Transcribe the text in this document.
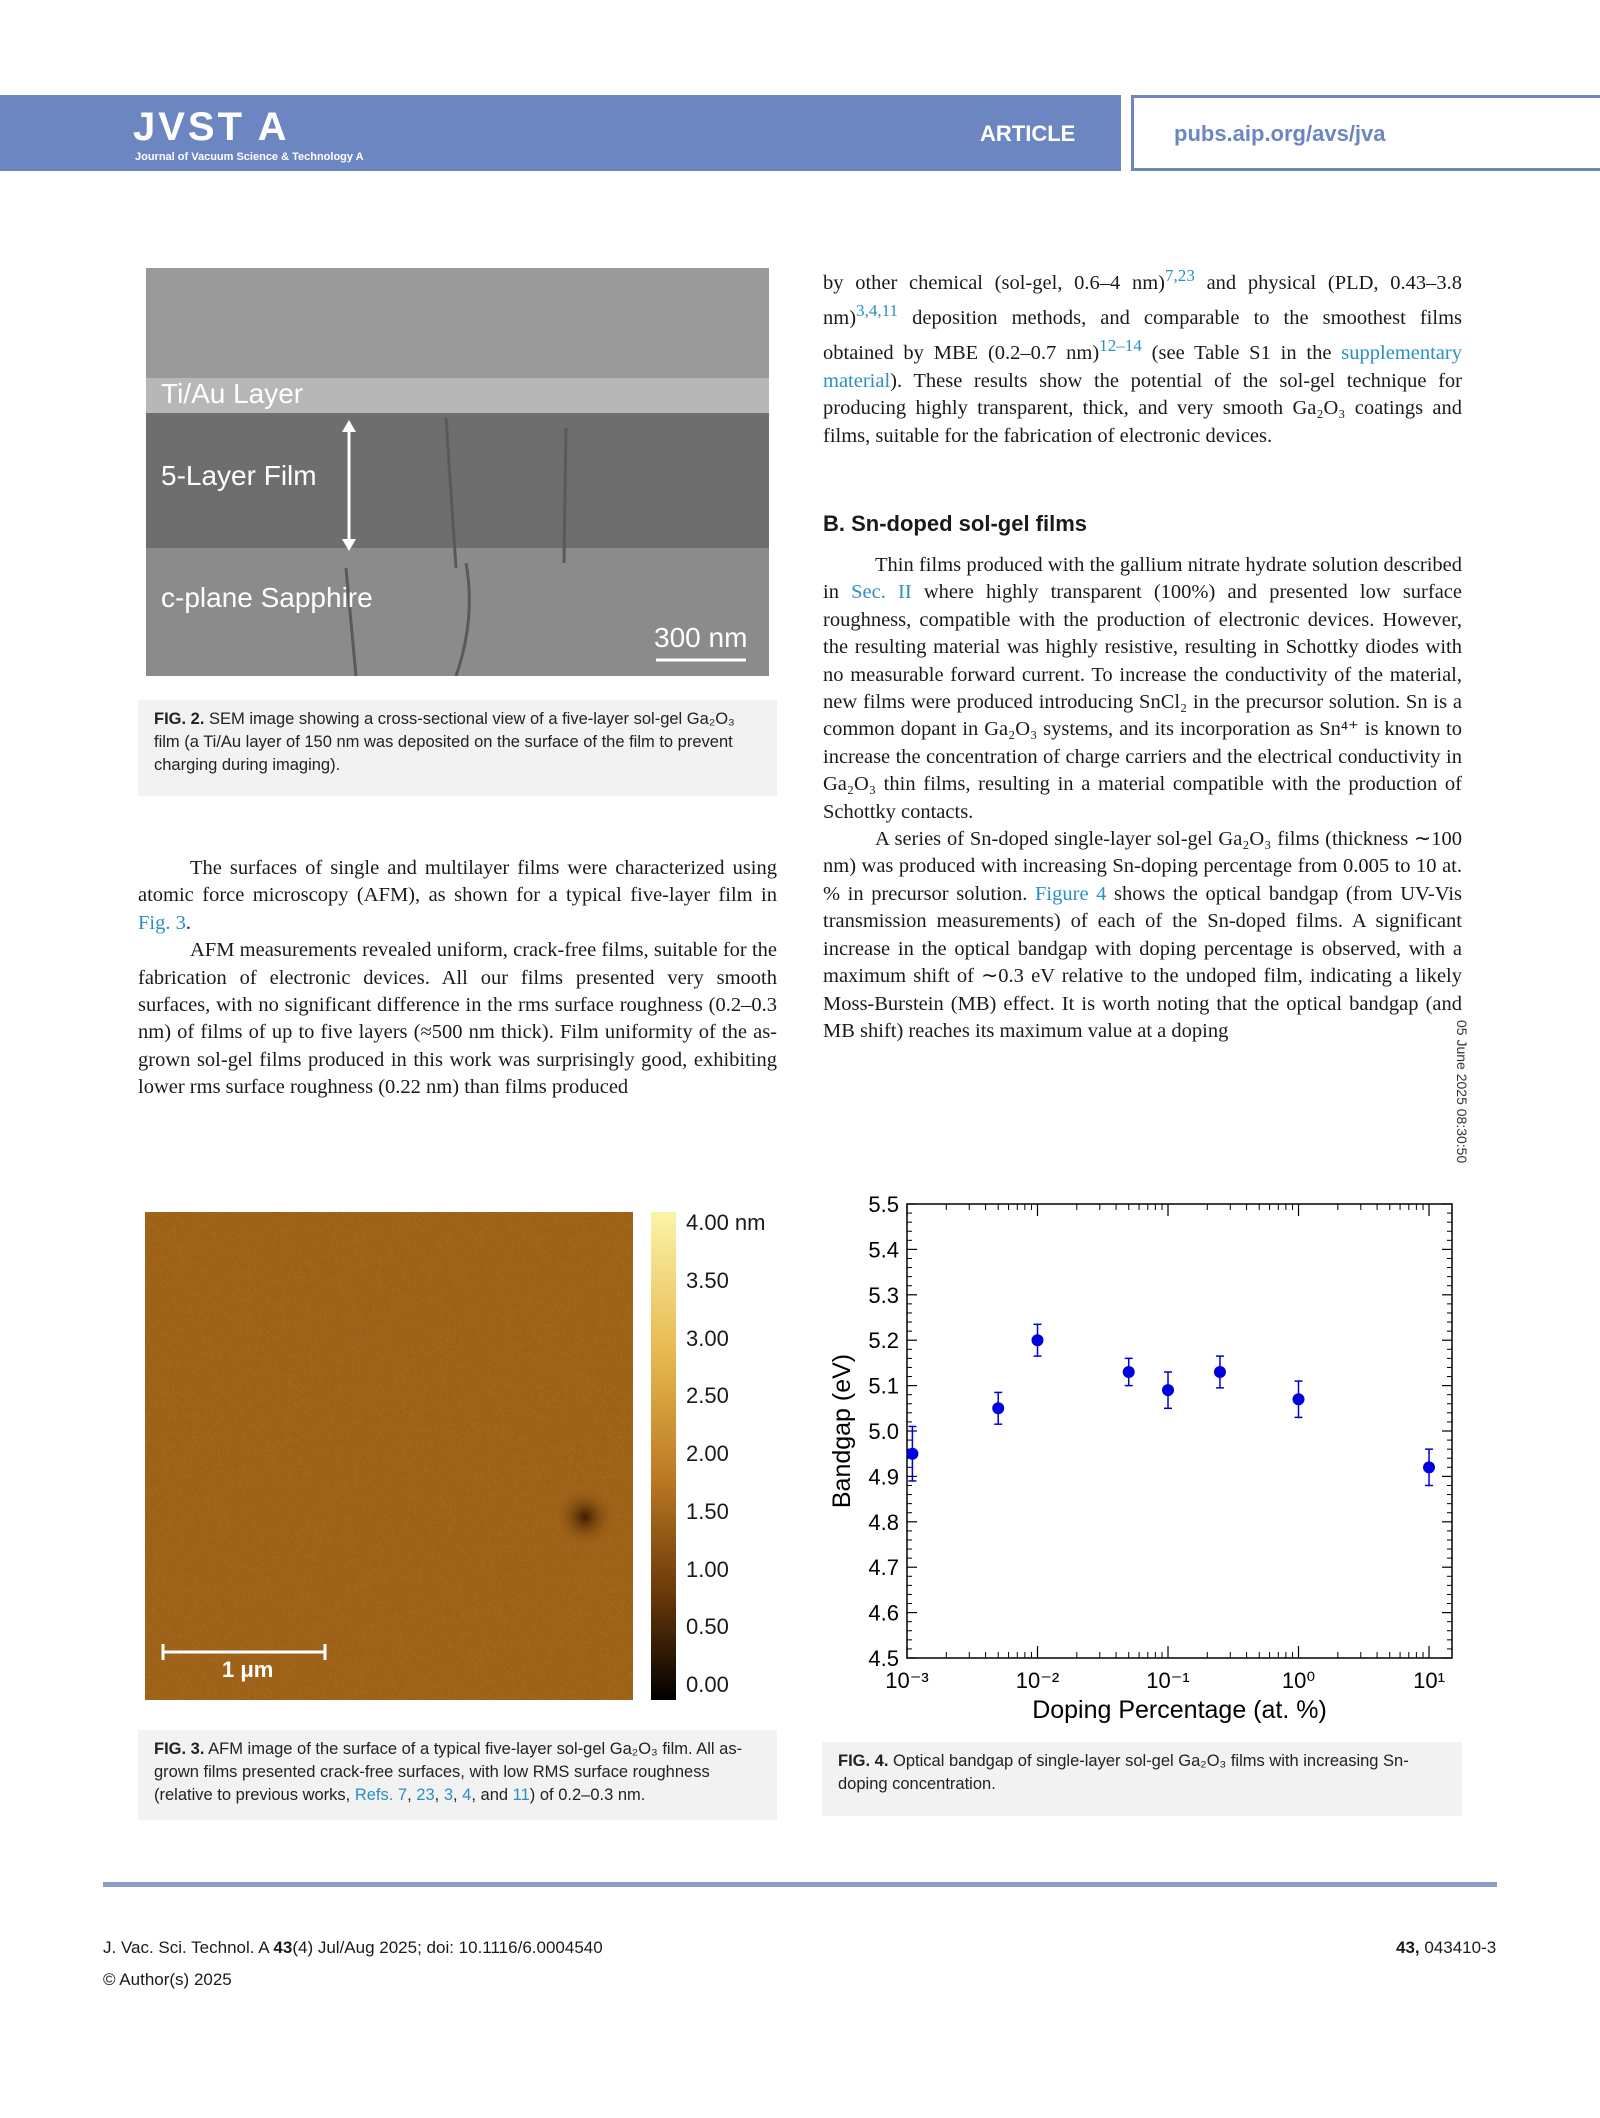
JVST A
Journal of Vacuum Science & Technology A
ARTICLE	pubs.aip.org/avs/jva
Ti/Au Layer
5-Layer Film
c-plane Sapphire
300 nm
FIG. 2. SEM image showing a cross-sectional view of a five-layer sol-gel Ga₂O₃ film (a Ti/Au layer of 150 nm was deposited on the surface of the film to prevent charging during imaging).

The surfaces of single and multilayer films were characterized using atomic force microscopy (AFM), as shown for a typical five-layer film in Fig. 3.

AFM measurements revealed uniform, crack-free films, suitable for the fabrication of electronic devices. All our films presented very smooth surfaces, with no significant difference in the rms surface roughness (0.2–0.3 nm) of films of up to five layers (≈500 nm thick). Film uniformity of the as-grown sol-gel films produced in this work was surprisingly good, exhibiting lower rms surface roughness (0.22 nm) than films produced

by other chemical (sol-gel, 0.6–4 nm)$^{7,23}$ and physical (PLD, 0.43–3.8 nm)$^{3,4,11}$ deposition methods, and comparable to the smoothest films obtained by MBE (0.2–0.7 nm)$^{12-14}$ (see Table S1 in the supplementary material). These results show the potential of the sol-gel technique for producing highly transparent, thick, and very smooth Ga₂O₃ coatings and films, suitable for the fabrication of electronic devices.

B. Sn-doped sol-gel films

Thin films produced with the gallium nitrate hydrate solution described in Sec. II where highly transparent (100%) and presented low surface roughness, compatible with the production of electronic devices. However, the resulting material was highly resistive, resulting in Schottky diodes with no measurable forward current. To increase the conductivity of the material, new films were produced introducing SnCl₂ in the precursor solution. Sn is a common dopant in Ga₂O₃ systems, and its incorporation as Sn⁴⁺ is known to increase the concentration of charge carriers and the electrical conductivity in Ga₂O₃ thin films, resulting in a material compatible with the production of Schottky contacts.

A series of Sn-doped single-layer sol-gel Ga₂O₃ films (thickness ∼100 nm) was produced with increasing Sn-doping percentage from 0.005 to 10 at. % in precursor solution. Figure 4 shows the optical bandgap (from UV-Vis transmission measurements) of each of the Sn-doped films. A significant increase in the optical bandgap with doping percentage is observed, with a maximum shift of ∼0.3 eV relative to the undoped film, indicating a likely Moss-Burstein (MB) effect. It is worth noting that the optical bandgap (and MB shift) reaches its maximum value at a doping	05 June 2025 08:30:50
1 μm
4.00 nm
3.50
3.00
2.50
2.00
1.50
1.00
0.50
0.00
FIG. 3. AFM image of the surface of a typical five-layer sol-gel Ga₂O₃ film. All as-grown films presented crack-free surfaces, with low RMS surface roughness (relative to previous works, Refs. 7, 23, 3, 4, and 11) of 0.2–0.3 nm.
4.5
4.6
4.7
4.8
4.9
5.0
5.1
5.2
5.3
5.4
5.5
10⁻³	10⁻²	10⁻¹	10⁰	10¹
Doping Percentage (at. %)
Bandgap (eV)
FIG. 4. Optical bandgap of single-layer sol-gel Ga₂O₃ films with increasing Sn-doping concentration.
J. Vac. Sci. Technol. A 43(4) Jul/Aug 2025; doi: 10.1116/6.0004540
© Author(s) 2025
43, 043410-3
